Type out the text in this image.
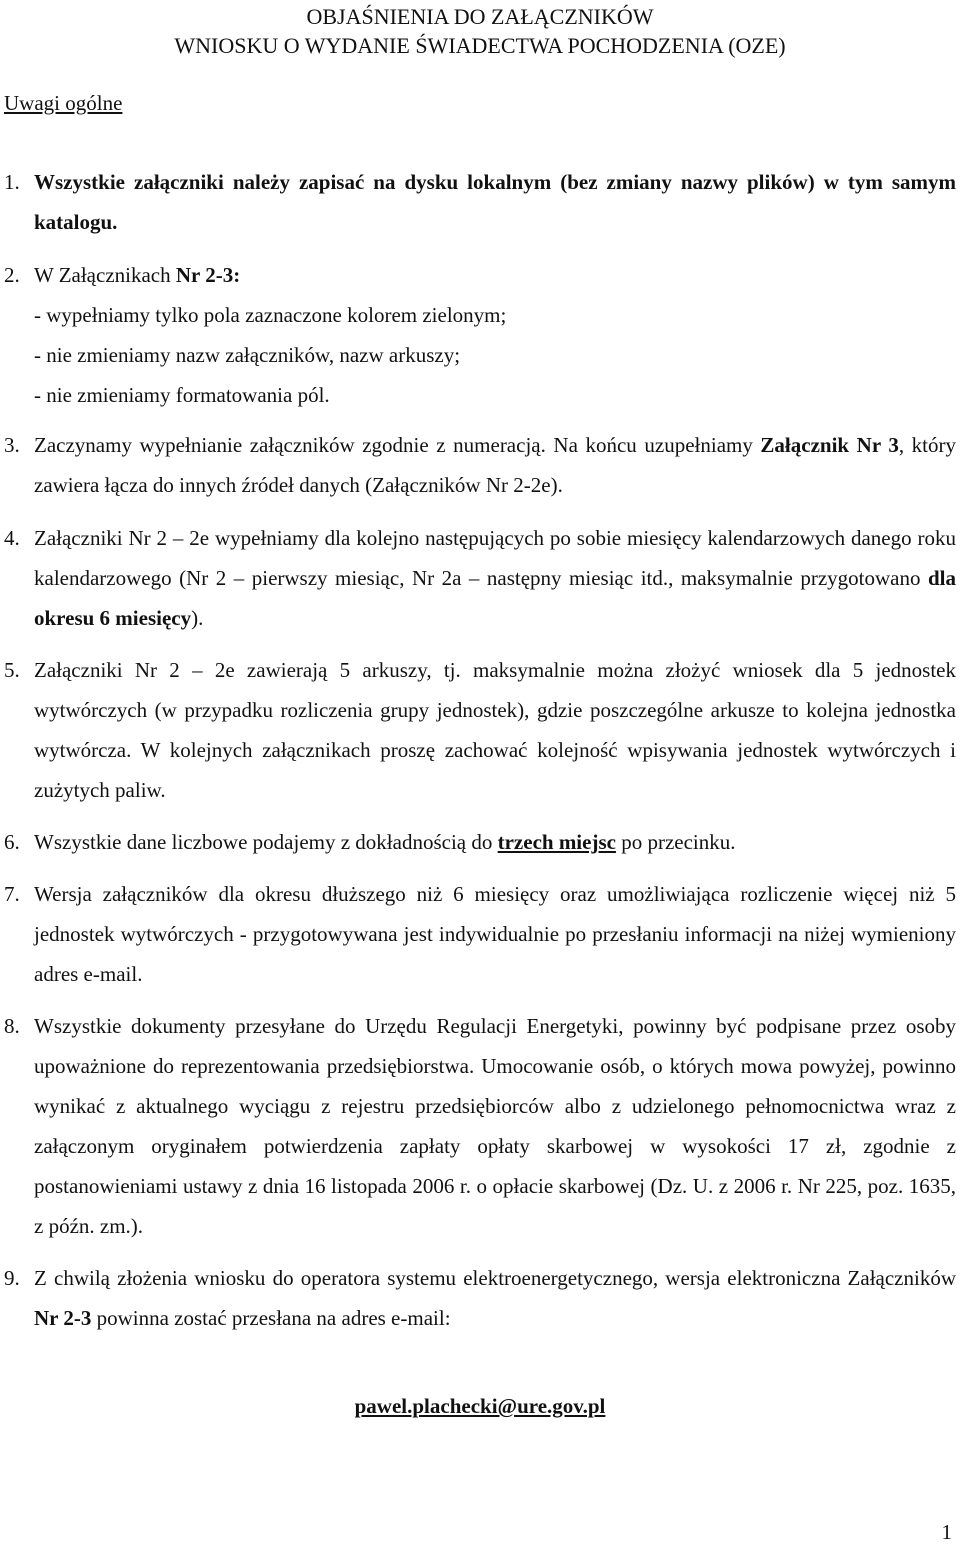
OBJAŚNIENIA DO ZAŁĄCZNIKÓW
WNIOSKU O WYDANIE ŚWIADECTWA POCHODZENIA (OZE)
Uwagi ogólne
1. Wszystkie załączniki należy zapisać na dysku lokalnym (bez zmiany nazwy plików) w tym samym katalogu.
2. W Załącznikach Nr 2-3:
- wypełniamy tylko pola zaznaczone kolorem zielonym;
- nie zmieniamy nazw załączników, nazw arkuszy;
- nie zmieniamy formatowania pól.
3. Zaczynamy wypełnianie załączników zgodnie z numeracją. Na końcu uzupełniamy Załącznik Nr 3, który zawiera łącza do innych źródeł danych (Załączników Nr 2-2e).
4. Załączniki Nr 2 – 2e wypełniamy dla kolejno następujących po sobie miesięcy kalendarzowych danego roku kalendarzowego (Nr 2 – pierwszy miesiąc, Nr 2a – następny miesiąc itd., maksymalnie przygotowano dla okresu 6 miesięcy).
5. Załączniki Nr 2 – 2e zawierają 5 arkuszy, tj. maksymalnie można złożyć wniosek dla 5 jednostek wytwórczych (w przypadku rozliczenia grupy jednostek), gdzie poszczególne arkusze to kolejna jednostka wytwórcza. W kolejnych załącznikach proszę zachować kolejność wpisywania jednostek wytwórczych i zużytych paliw.
6. Wszystkie dane liczbowe podajemy z dokładnością do trzech miejsc po przecinku.
7. Wersja załączników dla okresu dłuższego niż 6 miesięcy oraz umożliwiająca rozliczenie więcej niż 5 jednostek wytwórczych - przygotowywana jest indywidualnie po przesłaniu informacji na niżej wymieniony adres e-mail.
8. Wszystkie dokumenty przesyłane do Urzędu Regulacji Energetyki, powinny być podpisane przez osoby upoważnione do reprezentowania przedsiębiorstwa. Umocowanie osób, o których mowa powyżej, powinno wynikać z aktualnego wyciągu z rejestru przedsiębiorców albo z udzielonego pełnomocnictwa wraz z załączonym oryginałem potwierdzenia zapłaty opłaty skarbowej w wysokości 17 zł, zgodnie z postanowieniami ustawy z dnia 16 listopada 2006 r. o opłacie skarbowej (Dz. U. z 2006 r. Nr 225, poz. 1635, z późn. zm.).
9. Z chwilą złożenia wniosku do operatora systemu elektroenergetycznego, wersja elektroniczna Załączników Nr 2-3 powinna zostać przesłana na adres e-mail:
pawel.plachecki@ure.gov.pl
1
